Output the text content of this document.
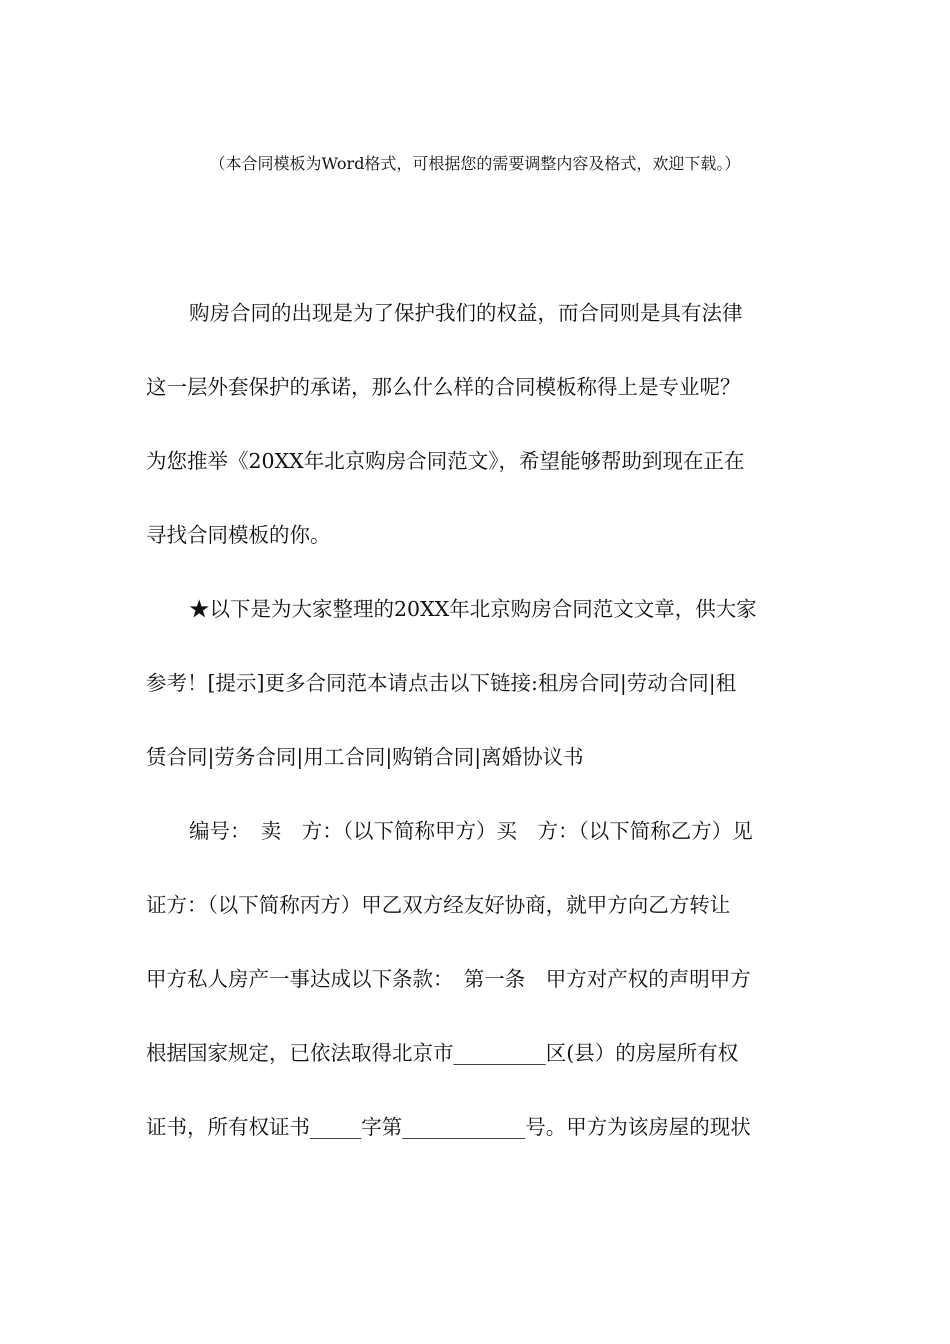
（本合同模板为Word格式，可根据您的需要调整内容及格式，欢迎下载。）
购房合同的出现是为了保护我们的权益，而合同则是具有法律
这一层外套保护的承诺，那么什么样的合同模板称得上是专业呢？
为您推举《20XX年北京购房合同范文》，希望能够帮助到现在正在
寻找合同模板的你。
★以下是为大家整理的20XX年北京购房合同范文文章，供大家
参考！[提示]更多合同范本请点击以下链接:租房合同|劳动合同|租
赁合同|劳务合同|用工合同|购销合同|离婚协议书
编号：　卖　方：（以下简称甲方）买　方：（以下简称乙方）见
证方：（以下简称丙方）甲乙双方经友好协商，就甲方向乙方转让
甲方私人房产一事达成以下条款：　第一条　甲方对产权的声明甲方
根据国家规定，已依法取得北京市_________区(县）的房屋所有权
证书，所有权证书_____字第____________号。甲方为该房屋的现状
